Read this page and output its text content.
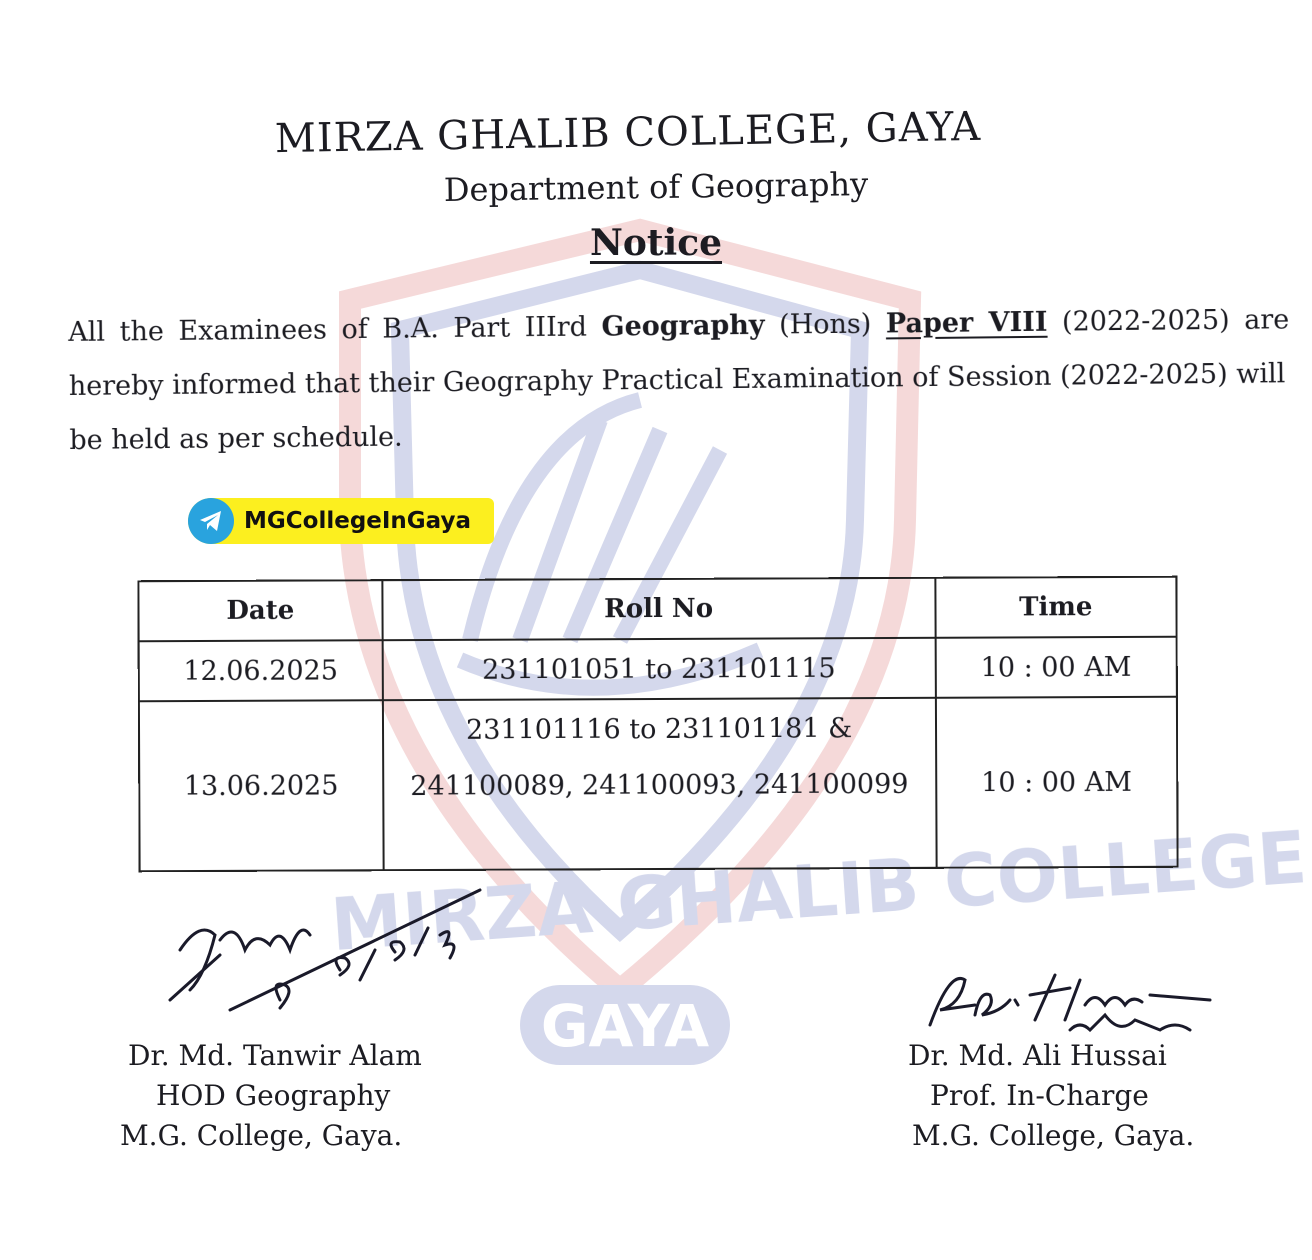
MIRZA GHALIB COLLEGE
GAYA
MIRZA GHALIB COLLEGE, GAYA
Department of Geography
Notice
All the Examinees of B.A. Part IIIrd Geography (Hons) Paper VIII (2022-2025) are
hereby informed that their Geography Practical Examination of Session (2022-2025) will
be held as per schedule.
MGCollegeInGaya
Date	Roll No	Time
12.06.2025	231101051 to 231101115	10 : 00 AM
13.06.2025	231101116 to 231101181 &
241100089, 241100093, 241100099	10 : 00 AM
Dr. Md. Tanwir Alam
HOD Geography
M.G. College, Gaya.
Dr. Md. Ali Hussai
Prof. In-Charge
M.G. College, Gaya.
